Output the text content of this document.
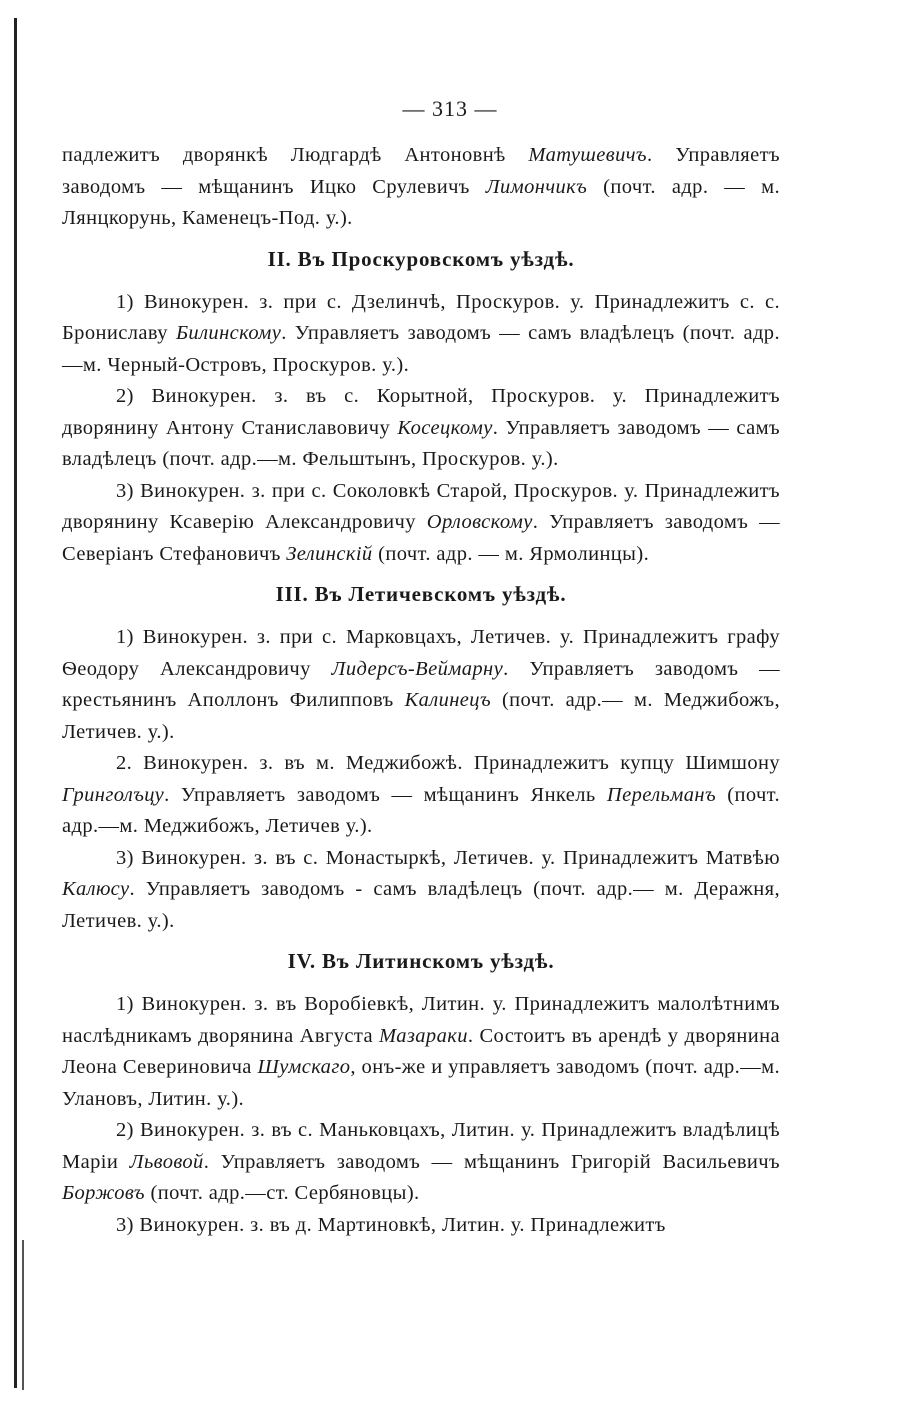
— 313 —

падлежитъ дворянкѣ Людгардѣ Антоновнѣ Матушевичъ. Управляетъ заводомъ — мѣщанинъ Ицко Срулевичъ Лимончикъ (почт. адр. — м. Лянцкорунь, Каменецъ-Под. у.).

II. Въ Проскуровскомъ уѣздѣ.

1) Винокурен. з. при с. Дзелинчѣ, Проскуров. у. Принадлежитъ с. с. Брониславу Билинскому. Управляетъ заводомъ — самъ владѣлецъ (почт. адр.—м. Черный-Островъ, Проскуров. у.).

2) Винокурен. з. въ с. Корытной, Проскуров. у. Принадлежитъ дворянину Антону Станиславовичу Косецкому. Управляетъ заводомъ — самъ владѣлецъ (почт. адр.—м. Фельштынъ, Проскуров. у.).

3) Винокурен. з. при с. Соколовкѣ Старой, Проскуров. у. Принадлежитъ дворянину Ксаверію Александровичу Орловскому. Управляетъ заводомъ — Северіанъ Стефановичъ Зелинскій (почт. адр. — м. Ярмолинцы).

III. Въ Летичевскомъ уѣздѣ.

1) Винокурен. з. при с. Марковцахъ, Летичев. у. Принадлежитъ графу Ѳеодору Александровичу Лидерсъ-Веймарну. Управляетъ заводомъ — крестьянинъ Аполлонъ Филипповъ Калинецъ (почт. адр.— м. Меджибожъ, Летичев. у.).

2. Винокурен. з. въ м. Меджибожѣ. Принадлежитъ купцу Шимшону Гринголъцу. Управляетъ заводомъ — мѣщанинъ Янкель Перельманъ (почт. адр.—м. Меджибожъ, Летичев у.).

3) Винокурен. з. въ с. Монастыркѣ, Летичев. у. Принадлежитъ Матвѣю Калюсу. Управляетъ заводомъ - самъ владѣлецъ (почт. адр.— м. Деражня, Летичев. у.).

IV. Въ Литинскомъ уѣздѣ.

1) Винокурен. з. въ Воробіевкѣ, Литин. у. Принадлежитъ малолѣтнимъ наслѣдникамъ дворянина Августа Мазараки. Состоитъ въ арендѣ у дворянина Леона Севериновича Шумскаго, онъ-же и управляетъ заводомъ (почт. адр.—м. Улановъ, Литин. у.).

2) Винокурен. з. въ с. Маньковцахъ, Литин. у. Принадлежитъ владѣлицѣ Маріи Львовой. Управляетъ заводомъ — мѣщанинъ Григорій Васильевичъ Боржовъ (почт. адр.—ст. Сербяновцы).

3) Винокурен. з. въ д. Мартиновкѣ, Литин. у. Принадлежитъ
